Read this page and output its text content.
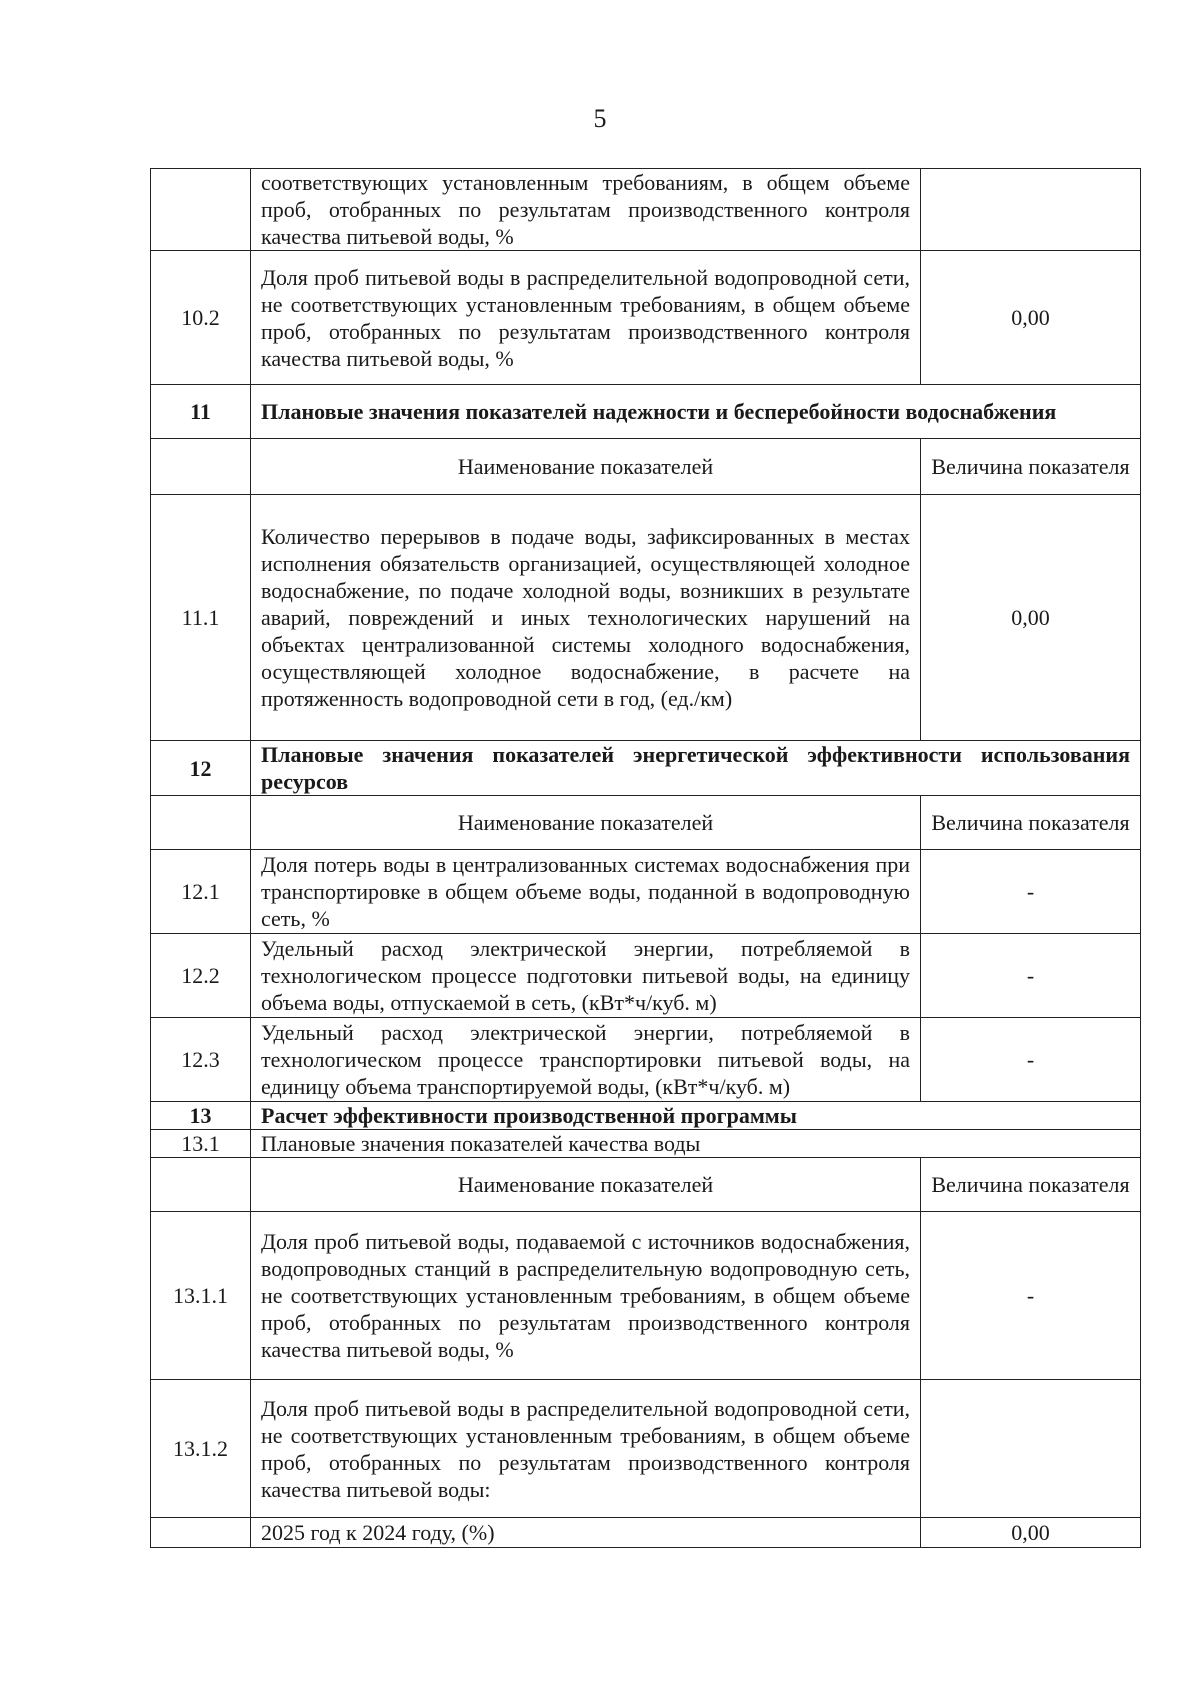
5
	соответствующих установленным требованиям, в общем объеме проб, отобранных по результатам производственного контроля качества питьевой воды, %	
10.2	Доля проб питьевой воды в распределительной водопроводной сети, не соответствующих установленным требованиям, в общем объеме проб, отобранных по результатам производственного контроля качества питьевой воды, %	0,00
11	Плановые значения показателей надежности и бесперебойности водоснабжения	

	Наименование показателей	Величина показателя
11.1	Количество перерывов в подаче воды, зафиксированных в местах исполнения обязательств организацией, осуществляющей холодное водоснабжение, по подаче холодной воды, возникших в результате аварий, повреждений и иных технологических нарушений на объектах централизованной системы холодного водоснабжения, осуществляющей холодное водоснабжение, в расчете на протяженность водопроводной сети в год, (ед./км)	0,00
12	Плановые значения показателей энергетической эффективности использования ресурсов	

	Наименование показателей	Величина показателя
12.1	Доля потерь воды в централизованных системах водоснабжения при транспортировке в общем объеме воды, поданной в водопроводную сеть, %	-
12.2	Удельный расход электрической энергии, потребляемой в технологическом процессе подготовки питьевой воды, на единицу объема воды, отпускаемой в сеть, (кВт*ч/куб. м)	-
12.3	Удельный расход электрической энергии, потребляемой в технологическом процессе транспортировки питьевой воды, на единицу объема транспортируемой воды, (кВт*ч/куб. м)	-
13	Расчет эффективности производственной программы	
13.1	Плановые значения показателей качества воды	
	Наименование показателей	Величина показателя
13.1.1	Доля проб питьевой воды, подаваемой с источников водоснабжения, водопроводных станций в распределительную водопроводную сеть, не соответствующих установленным требованиям, в общем объеме проб, отобранных по результатам производственного контроля качества питьевой воды, %	-
13.1.2	Доля проб питьевой воды в распределительной водопроводной сети, не соответствующих установленным требованиям, в общем объеме проб, отобранных по результатам производственного контроля качества питьевой воды:	
	2025 год к 2024 году, (%)	0,00
